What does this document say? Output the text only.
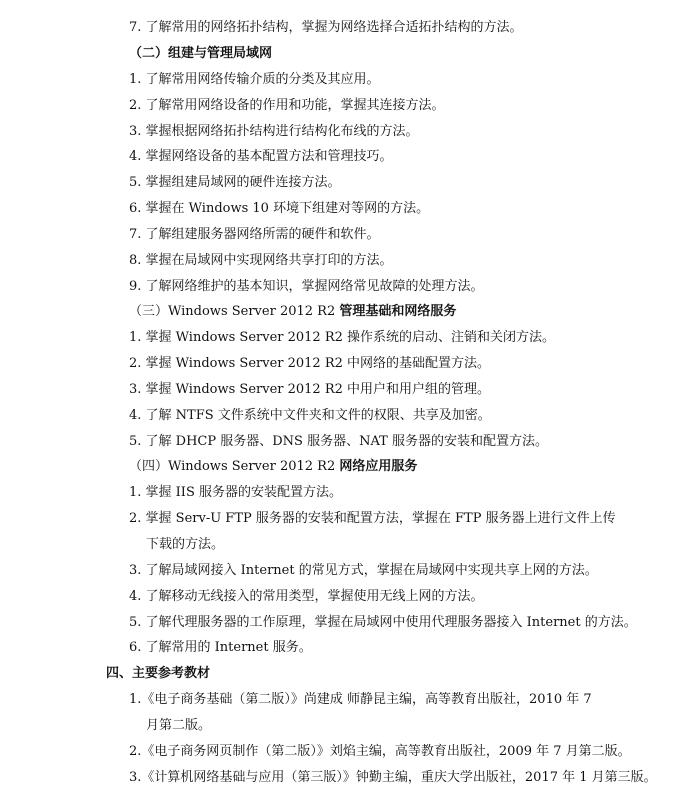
7. 了解常用的网络拓扑结构，掌握为网络选择合适拓扑结构的方法。
（二）组建与管理局域网
1. 了解常用网络传输介质的分类及其应用。
2. 了解常用网络设备的作用和功能，掌握其连接方法。
3. 掌握根据网络拓扑结构进行结构化布线的方法。
4. 掌握网络设备的基本配置方法和管理技巧。
5. 掌握组建局域网的硬件连接方法。
6. 掌握在 Windows 10 环境下组建对等网的方法。
7. 了解组建服务器网络所需的硬件和软件。
8. 掌握在局域网中实现网络共享打印的方法。
9. 了解网络维护的基本知识，掌握网络常见故障的处理方法。
（三）Windows Server 2012 R2 管理基础和网络服务
1. 掌握 Windows Server 2012 R2 操作系统的启动、注销和关闭方法。
2. 掌握 Windows Server 2012 R2 中网络的基础配置方法。
3. 掌握 Windows Server 2012 R2 中用户和用户组的管理。
4. 了解 NTFS 文件系统中文件夹和文件的权限、共享及加密。
5. 了解 DHCP 服务器、DNS 服务器、NAT 服务器的安装和配置方法。
（四）Windows Server 2012 R2 网络应用服务
1. 掌握 IIS 服务器的安装配置方法。
2. 掌握 Serv-U FTP 服务器的安装和配置方法，掌握在 FTP 服务器上进行文件上传
下载的方法。
3. 了解局域网接入 Internet 的常见方式，掌握在局域网中实现共享上网的方法。
4. 了解移动无线接入的常用类型，掌握使用无线上网的方法。
5. 了解代理服务器的工作原理，掌握在局域网中使用代理服务器接入 Internet 的方法。
6. 了解常用的 Internet 服务。
四、主要参考教材
1.《电子商务基础（第二版）》尚建成 师静昆主编，高等教育出版社，2010 年 7
月第二版。
2.《电子商务网页制作（第二版）》刘焰主编，高等教育出版社，2009 年 7 月第二版。
3.《计算机网络基础与应用（第三版）》钟勤主编，重庆大学出版社，2017 年 1 月第三版。
